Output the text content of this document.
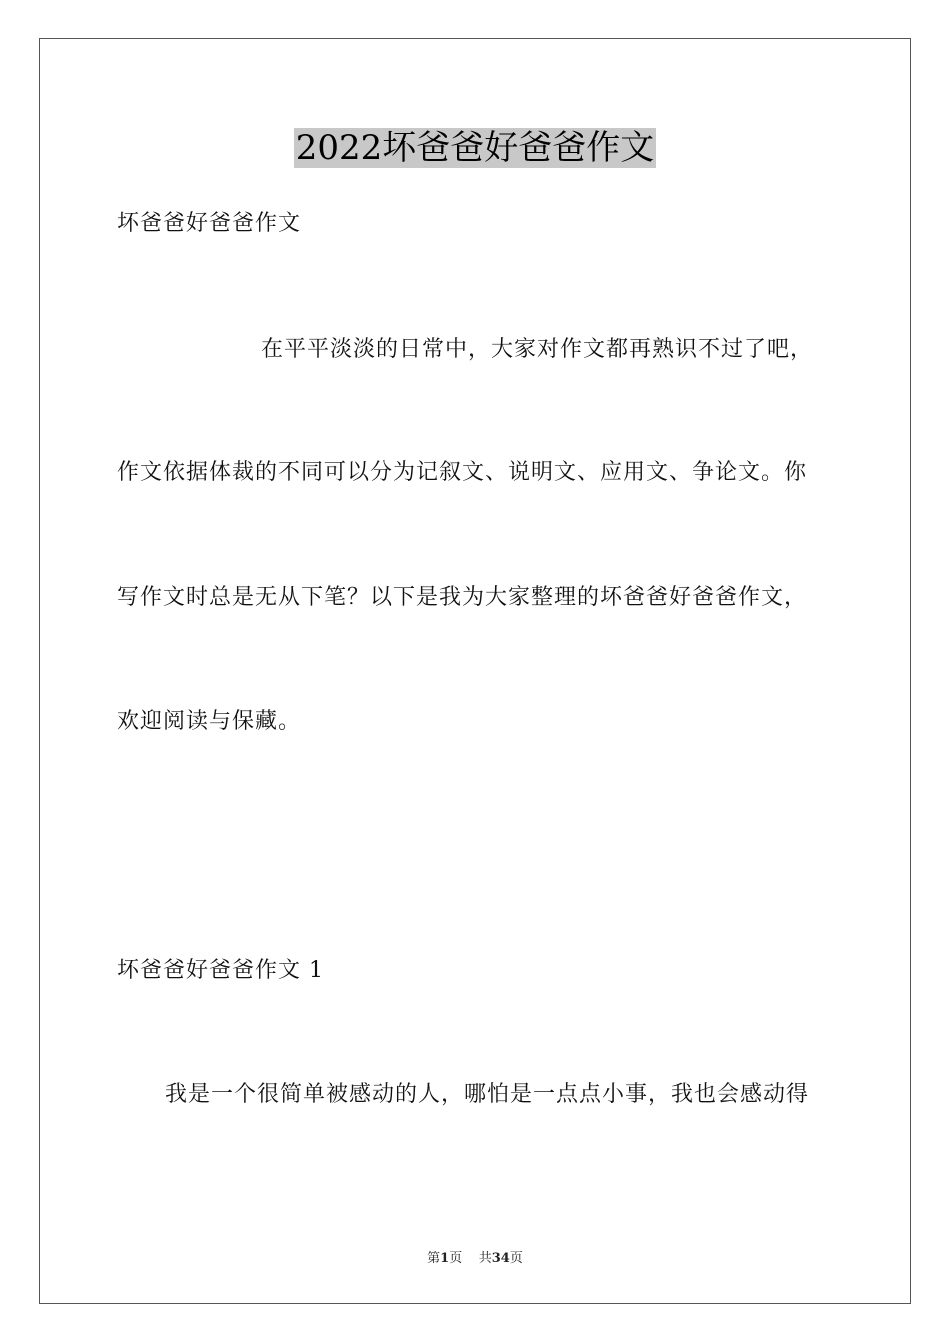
2022坏爸爸好爸爸作文
坏爸爸好爸爸作文
在平平淡淡的日常中，大家对作文都再熟识不过了吧，
作文依据体裁的不同可以分为记叙文、说明文、应用文、争论文。你
写作文时总是无从下笔？以下是我为大家整理的坏爸爸好爸爸作文，
欢迎阅读与保藏。
坏爸爸好爸爸作文 1
我是一个很简单被感动的人，哪怕是一点点小事，我也会感动得
第1页 共34页
